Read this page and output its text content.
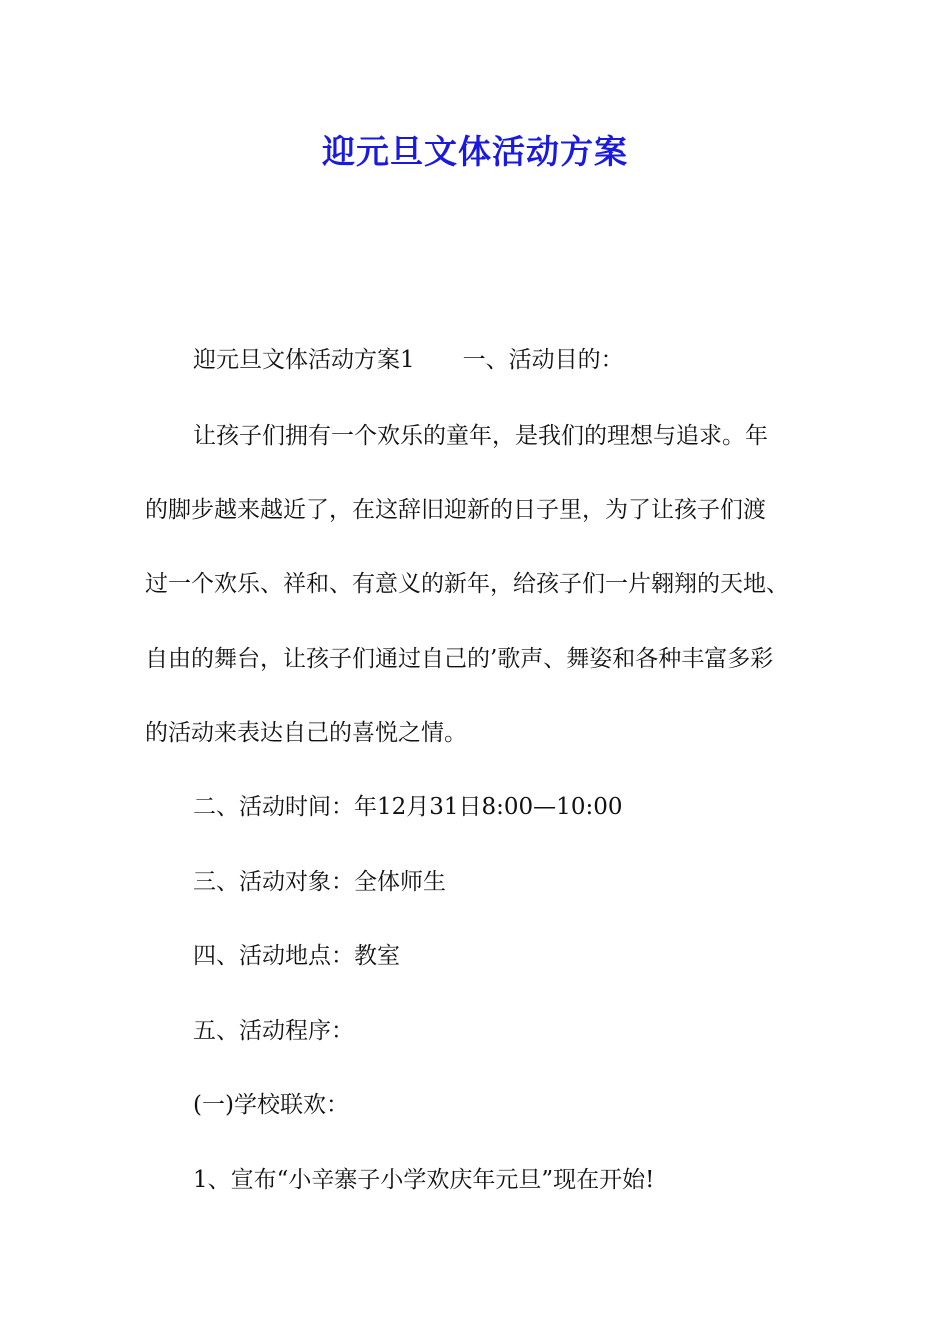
迎元旦文体活动方案

迎元旦文体活动方案1 一、活动目的：

让孩子们拥有一个欢乐的童年，是我们的理想与追求。年

的脚步越来越近了，在这辞旧迎新的日子里，为了让孩子们渡

过一个欢乐、祥和、有意义的新年，给孩子们一片翱翔的天地、

自由的舞台，让孩子们通过自己的’歌声、舞姿和各种丰富多彩

的活动来表达自己的喜悦之情。

二、活动时间：年12月31日8:00—10:00

三、活动对象：全体师生

四、活动地点：教室

五、活动程序：

(一)学校联欢：

1、宣布“小辛寨子小学欢庆年元旦”现在开始!
